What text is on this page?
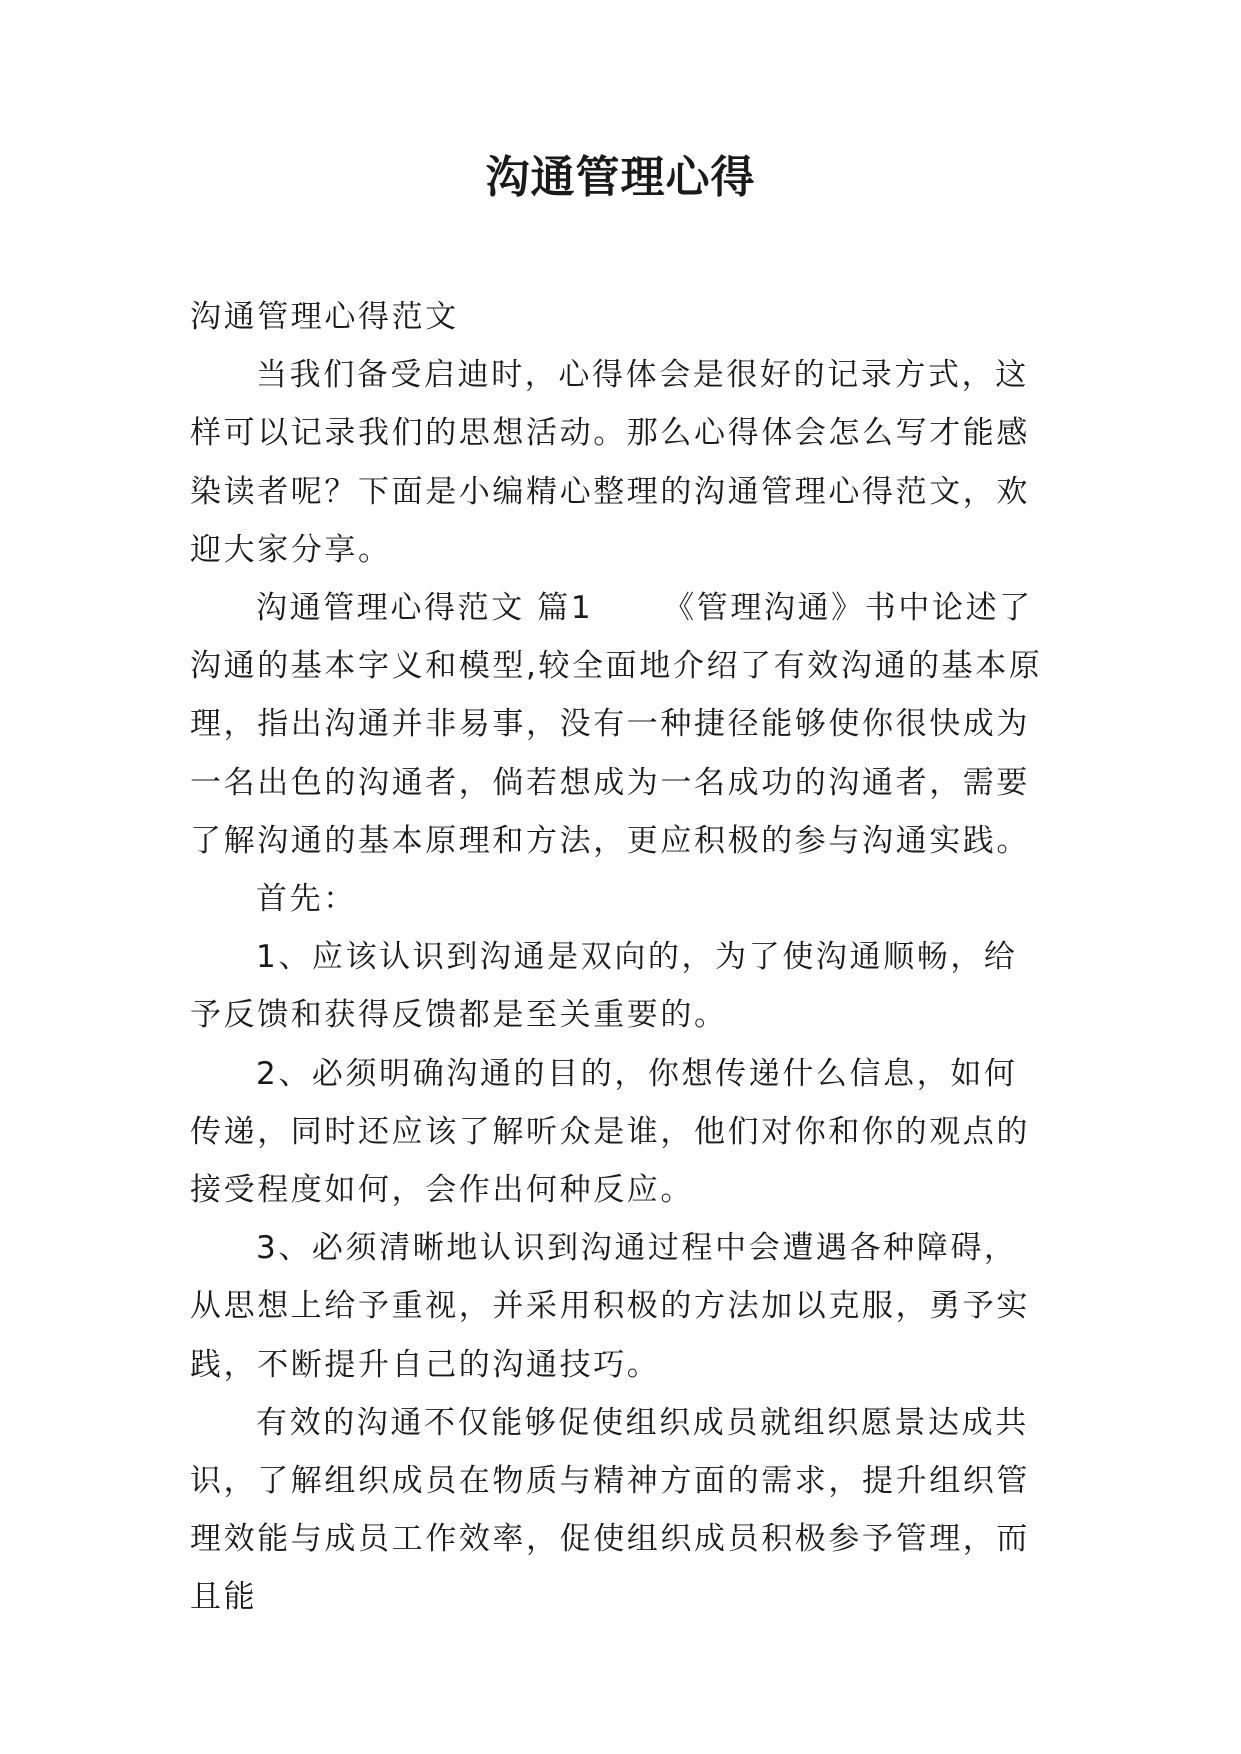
沟通管理心得

沟通管理心得范文

当我们备受启迪时，心得体会是很好的记录方式，这样可以记录我们的思想活动。那么心得体会怎么写才能感染读者呢？下面是小编精心整理的沟通管理心得范文，欢迎大家分享。

沟通管理心得范文 篇1 《管理沟通》书中论述了沟通的基本字义和模型,较全面地介绍了有效沟通的基本原理，指出沟通并非易事，没有一种捷径能够使你很快成为一名出色的沟通者，倘若想成为一名成功的沟通者，需要了解沟通的基本原理和方法，更应积极的参与沟通实践。

首先：

1、应该认识到沟通是双向的，为了使沟通顺畅，给予反馈和获得反馈都是至关重要的。

2、必须明确沟通的目的，你想传递什么信息，如何传递，同时还应该了解听众是谁，他们对你和你的观点的接受程度如何，会作出何种反应。

3、必须清晰地认识到沟通过程中会遭遇各种障碍，从思想上给予重视，并采用积极的方法加以克服，勇予实践，不断提升自己的沟通技巧。

有效的沟通不仅能够促使组织成员就组织愿景达成共识，了解组织成员在物质与精神方面的需求，提升组织管理效能与成员工作效率，促使组织成员积极参予管理，而且能
